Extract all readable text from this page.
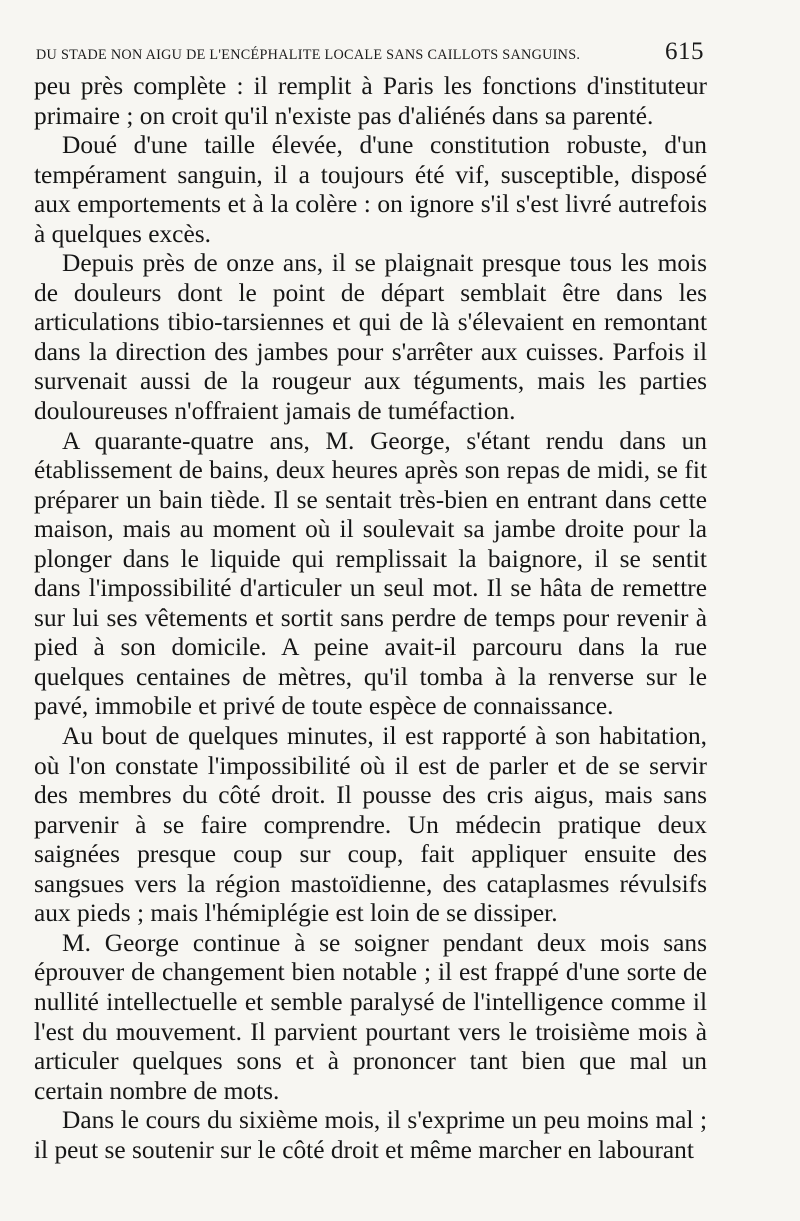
DU STADE NON AIGU DE L'ENCÉPHALITE LOCALE SANS CAILLOTS SANGUINS.	615

peu près complète : il remplit à Paris les fonctions d'instituteur primaire ; on croit qu'il n'existe pas d'aliénés dans sa parenté.

Doué d'une taille élevée, d'une constitution robuste, d'un tempérament sanguin, il a toujours été vif, susceptible, disposé aux emportements et à la colère : on ignore s'il s'est livré autrefois à quelques excès.

Depuis près de onze ans, il se plaignait presque tous les mois de douleurs dont le point de départ semblait être dans les articulations tibio-tarsiennes et qui de là s'élevaient en remontant dans la direction des jambes pour s'arrêter aux cuisses. Parfois il survenait aussi de la rougeur aux téguments, mais les parties douloureuses n'offraient jamais de tuméfaction.

A quarante-quatre ans, M. George, s'étant rendu dans un établissement de bains, deux heures après son repas de midi, se fit préparer un bain tiède. Il se sentait très-bien en entrant dans cette maison, mais au moment où il soulevait sa jambe droite pour la plonger dans le liquide qui remplissait la baignore, il se sentit dans l'impossibilité d'articuler un seul mot. Il se hâta de remettre sur lui ses vêtements et sortit sans perdre de temps pour revenir à pied à son domicile. A peine avait-il parcouru dans la rue quelques centaines de mètres, qu'il tomba à la renverse sur le pavé, immobile et privé de toute espèce de connaissance.

Au bout de quelques minutes, il est rapporté à son habitation, où l'on constate l'impossibilité où il est de parler et de se servir des membres du côté droit. Il pousse des cris aigus, mais sans parvenir à se faire comprendre. Un médecin pratique deux saignées presque coup sur coup, fait appliquer ensuite des sangsues vers la région mastoïdienne, des cataplasmes révulsifs aux pieds ; mais l'hémiplégie est loin de se dissiper.

M. George continue à se soigner pendant deux mois sans éprouver de changement bien notable ; il est frappé d'une sorte de nullité intellectuelle et semble paralysé de l'intelligence comme il l'est du mouvement. Il parvient pourtant vers le troisième mois à articuler quelques sons et à prononcer tant bien que mal un certain nombre de mots.

Dans le cours du sixième mois, il s'exprime un peu moins mal ; il peut se soutenir sur le côté droit et même marcher en labourant
